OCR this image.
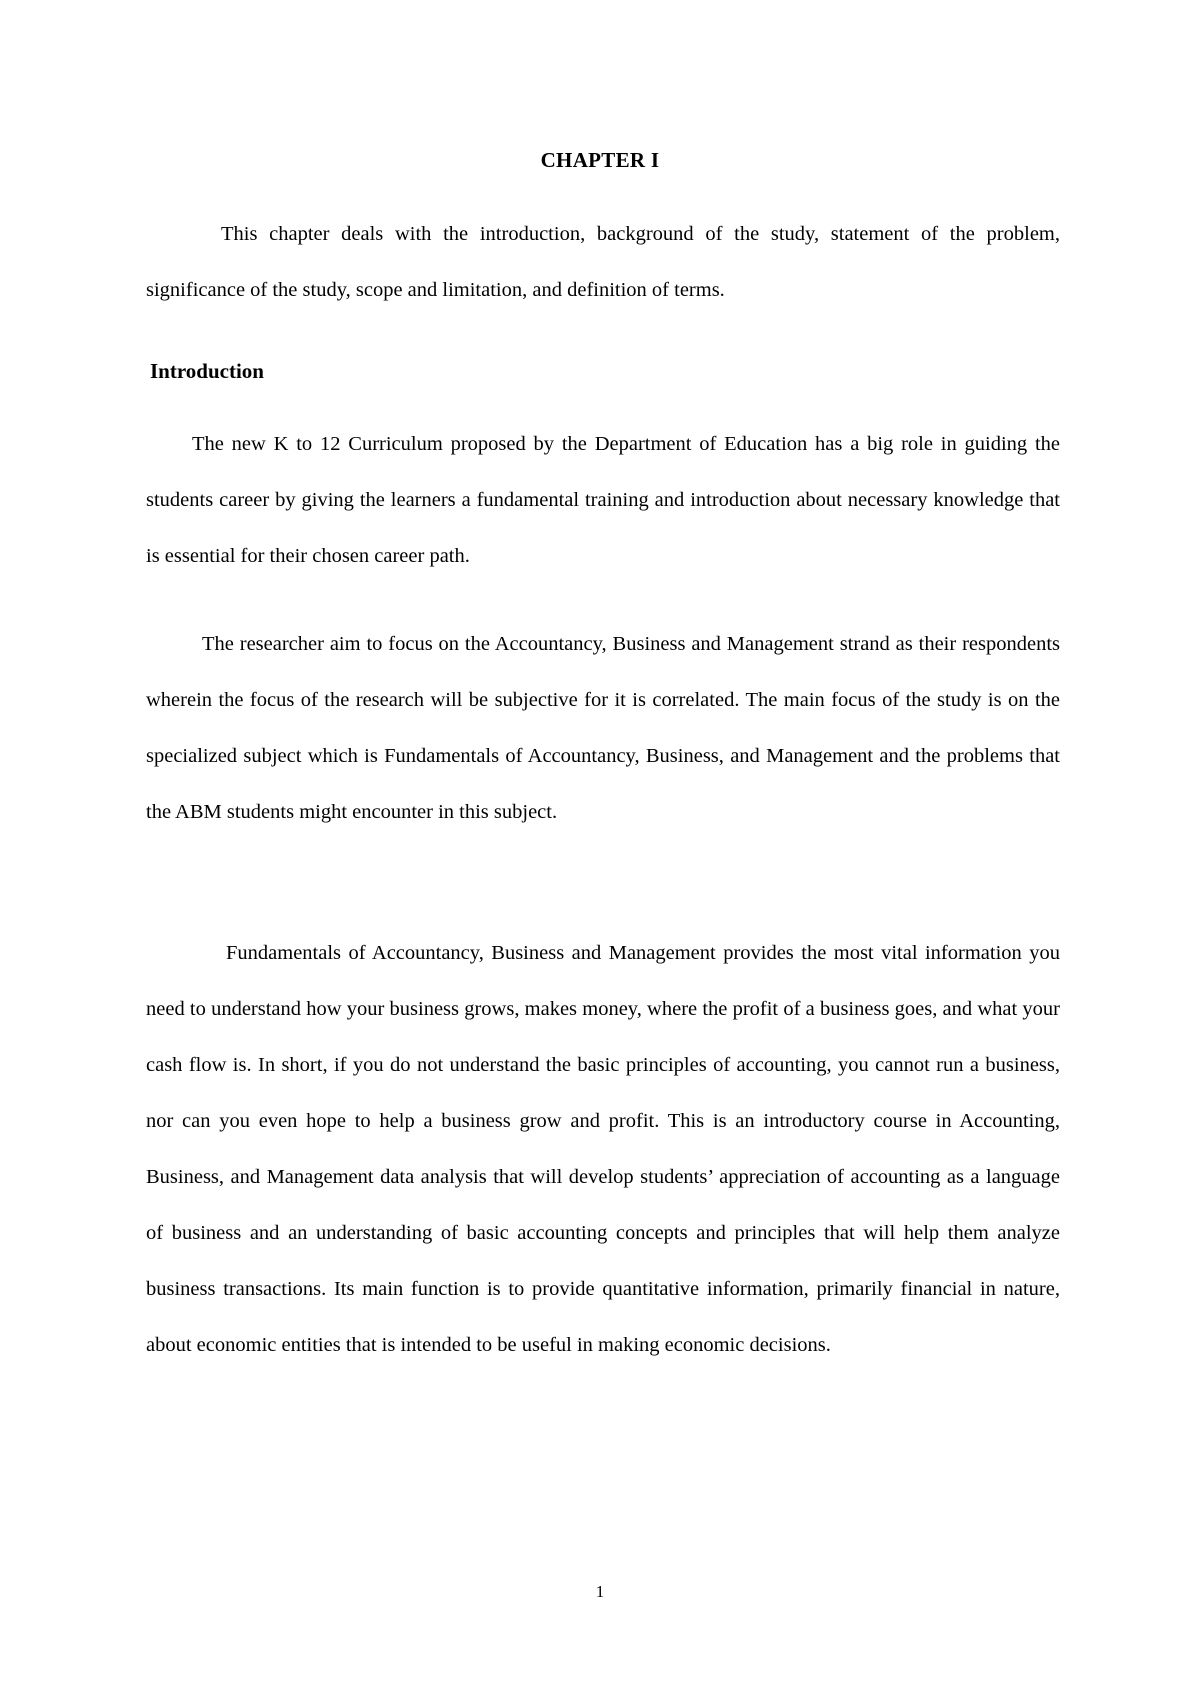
CHAPTER I

This chapter deals with the introduction, background of the study, statement of the problem, significance of the study, scope and limitation, and definition of terms.

Introduction

The new K to 12 Curriculum proposed by the Department of Education has a big role in guiding the students career by giving the learners a fundamental training and introduction about necessary knowledge that is essential for their chosen career path.

The researcher aim to focus on the Accountancy, Business and Management strand as their respondents wherein the focus of the research will be subjective for it is correlated. The main focus of the study is on the specialized subject which is Fundamentals of Accountancy, Business, and Management and the problems that the ABM students might encounter in this subject.

Fundamentals of Accountancy, Business and Management provides the most vital information you need to understand how your business grows, makes money, where the profit of a business goes, and what your cash flow is. In short, if you do not understand the basic principles of accounting, you cannot run a business, nor can you even hope to help a business grow and profit. This is an introductory course in Accounting, Business, and Management data analysis that will develop students’ appreciation of accounting as a language of business and an understanding of basic accounting concepts and principles that will help them analyze business transactions. Its main function is to provide quantitative information, primarily financial in nature, about economic entities that is intended to be useful in making economic decisions.

1
